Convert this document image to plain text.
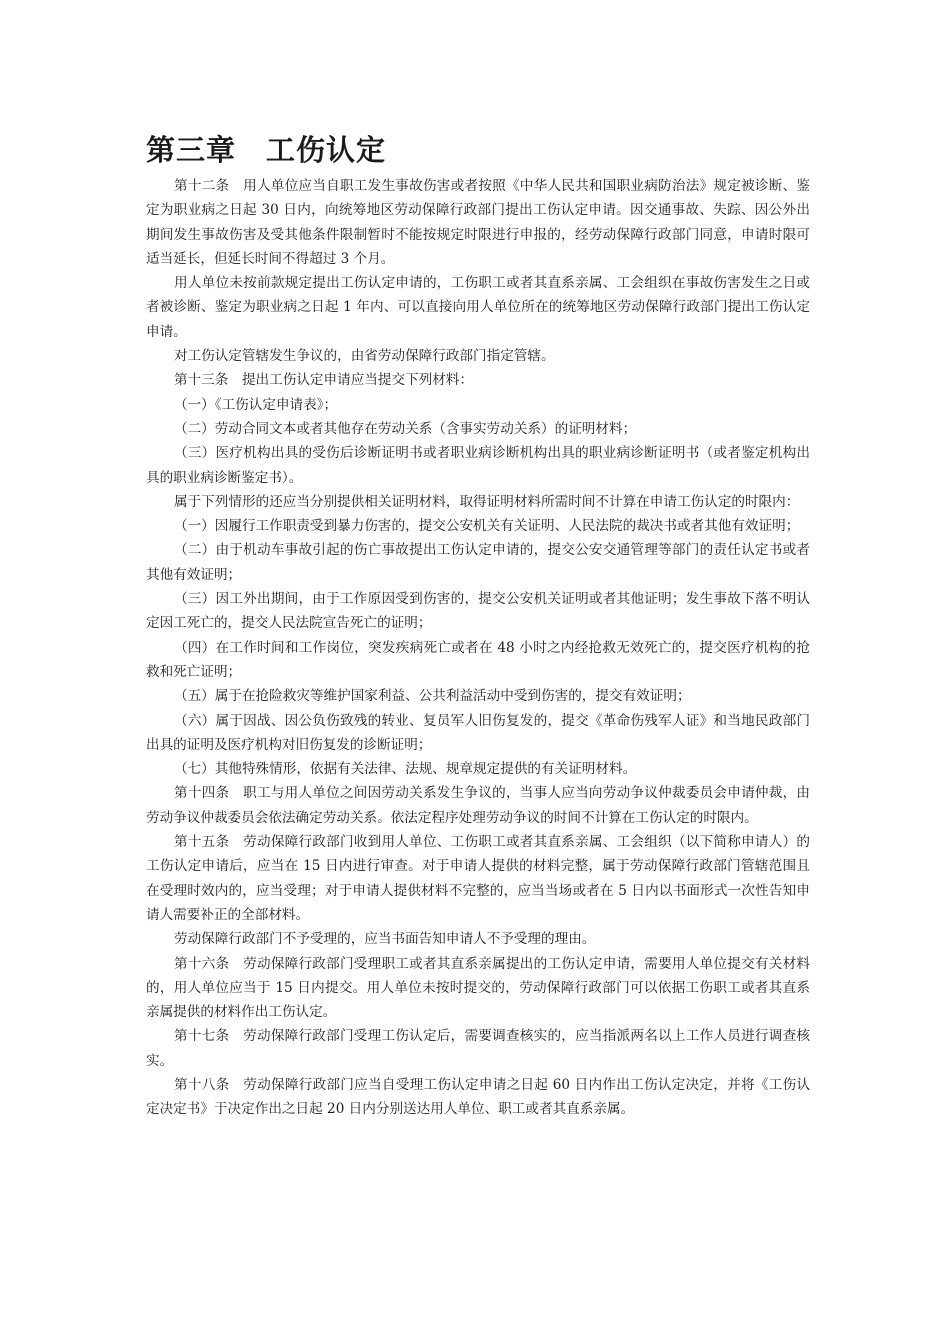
第三章　工伤认定

第十二条　用人单位应当自职工发生事故伤害或者按照《中华人民共和国职业病防治法》规定被诊断、鉴定为职业病之日起 30 日内，向统筹地区劳动保障行政部门提出工伤认定申请。因交通事故、失踪、因公外出期间发生事故伤害及受其他条件限制暂时不能按规定时限进行申报的，经劳动保障行政部门同意，申请时限可适当延长，但延长时间不得超过 3 个月。

用人单位未按前款规定提出工伤认定申请的，工伤职工或者其直系亲属、工会组织在事故伤害发生之日或者被诊断、鉴定为职业病之日起 1 年内、可以直接向用人单位所在的统筹地区劳动保障行政部门提出工伤认定申请。

对工伤认定管辖发生争议的，由省劳动保障行政部门指定管辖。

第十三条　提出工伤认定申请应当提交下列材料：

（一）《工伤认定申请表》；

（二）劳动合同文本或者其他存在劳动关系（含事实劳动关系）的证明材料；

（三）医疗机构出具的受伤后诊断证明书或者职业病诊断机构出具的职业病诊断证明书（或者鉴定机构出具的职业病诊断鉴定书）。

属于下列情形的还应当分别提供相关证明材料，取得证明材料所需时间不计算在申请工伤认定的时限内：

（一）因履行工作职责受到暴力伤害的，提交公安机关有关证明、人民法院的裁决书或者其他有效证明；

（二）由于机动车事故引起的伤亡事故提出工伤认定申请的，提交公安交通管理等部门的责任认定书或者其他有效证明；

（三）因工外出期间，由于工作原因受到伤害的，提交公安机关证明或者其他证明；发生事故下落不明认定因工死亡的，提交人民法院宣告死亡的证明；

（四）在工作时间和工作岗位，突发疾病死亡或者在 48 小时之内经抢救无效死亡的，提交医疗机构的抢救和死亡证明；

（五）属于在抢险救灾等维护国家利益、公共利益活动中受到伤害的，提交有效证明；

（六）属于因战、因公负伤致残的转业、复员军人旧伤复发的，提交《革命伤残军人证》和当地民政部门出具的证明及医疗机构对旧伤复发的诊断证明；

（七）其他特殊情形，依据有关法律、法规、规章规定提供的有关证明材料。

第十四条　职工与用人单位之间因劳动关系发生争议的，当事人应当向劳动争议仲裁委员会申请仲裁，由劳动争议仲裁委员会依法确定劳动关系。依法定程序处理劳动争议的时间不计算在工伤认定的时限内。

第十五条　劳动保障行政部门收到用人单位、工伤职工或者其直系亲属、工会组织（以下简称申请人）的工伤认定申请后，应当在 15 日内进行审查。对于申请人提供的材料完整，属于劳动保障行政部门管辖范围且在受理时效内的，应当受理；对于申请人提供材料不完整的，应当当场或者在 5 日内以书面形式一次性告知申请人需要补正的全部材料。

劳动保障行政部门不予受理的，应当书面告知申请人不予受理的理由。

第十六条　劳动保障行政部门受理职工或者其直系亲属提出的工伤认定申请，需要用人单位提交有关材料的，用人单位应当于 15 日内提交。用人单位未按时提交的，劳动保障行政部门可以依据工伤职工或者其直系亲属提供的材料作出工伤认定。

第十七条　劳动保障行政部门受理工伤认定后，需要调查核实的，应当指派两名以上工作人员进行调查核实。

第十八条　劳动保障行政部门应当自受理工伤认定申请之日起 60 日内作出工伤认定决定，并将《工伤认定决定书》于决定作出之日起 20 日内分别送达用人单位、职工或者其直系亲属。
